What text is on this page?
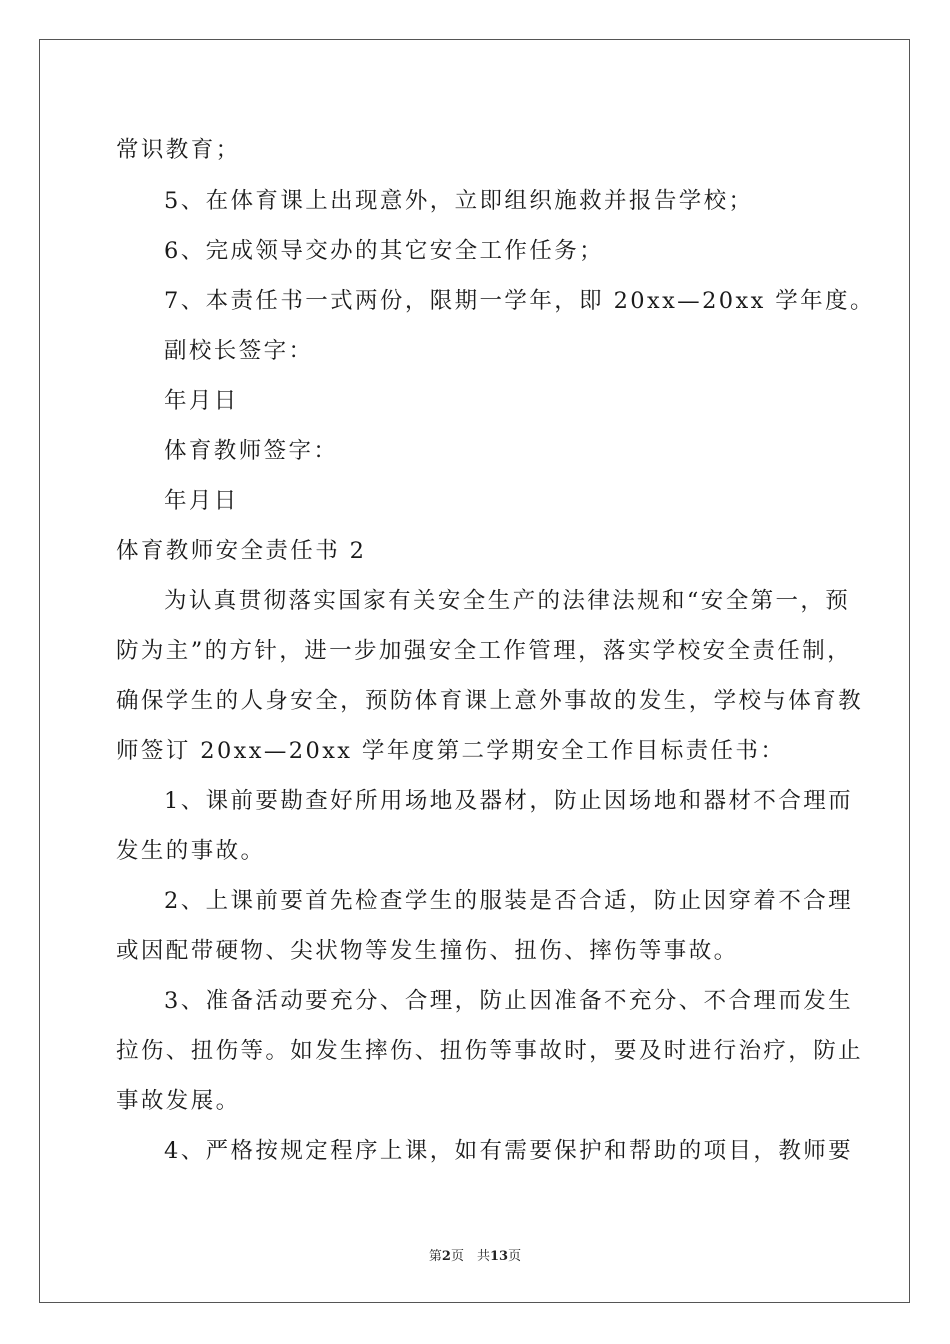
常识教育；
5、在体育课上出现意外，立即组织施救并报告学校；
6、完成领导交办的其它安全工作任务；
7、本责任书一式两份，限期一学年，即 20xx—20xx 学年度。
副校长签字：
年月日
体育教师签字：
年月日
体育教师安全责任书 2
为认真贯彻落实国家有关安全生产的法律法规和“安全第一，预
防为主”的方针，进一步加强安全工作管理，落实学校安全责任制，
确保学生的人身安全，预防体育课上意外事故的发生，学校与体育教
师签订 20xx—20xx 学年度第二学期安全工作目标责任书：
1、课前要勘查好所用场地及器材，防止因场地和器材不合理而
发生的事故。
2、上课前要首先检查学生的服装是否合适，防止因穿着不合理
或因配带硬物、尖状物等发生撞伤、扭伤、摔伤等事故。
3、准备活动要充分、合理，防止因准备不充分、不合理而发生
拉伤、扭伤等。如发生摔伤、扭伤等事故时，要及时进行治疗，防止
事故发展。
4、严格按规定程序上课，如有需要保护和帮助的项目，教师要
第2页　共13页
